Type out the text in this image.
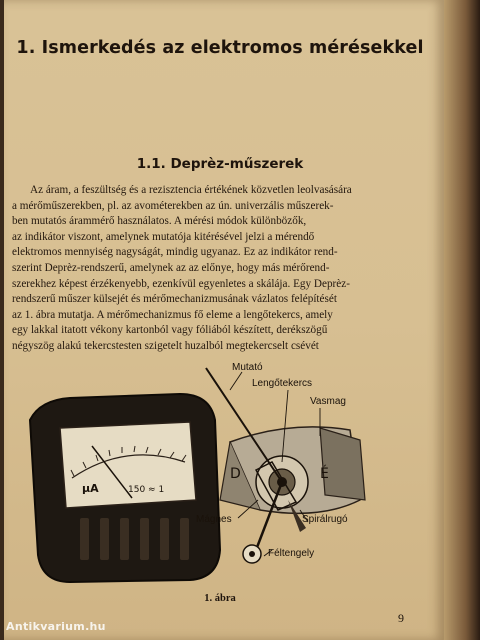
1. Ismerkedés az elektromos mérésekkel
1.1. Deprèz-műszerek
Az áram, a feszültség és a rezisztencia értékének közvetlen leolvasására
a mérőműszerekben, pl. az avométerekben az ún. univerzális műszerek-
ben mutatós árammérő használatos. A mérési módok különbözők,
az indikátor viszont, amelynek mutatója kitérésével jelzi a mérendő
elektromos mennyiség nagyságát, mindig ugyanaz. Ez az indikátor rend-
szerint Deprèz-rendszerű, amelynek az az előnye, hogy más mérőrend-
szerekhez képest érzékenyebb, ezenkívül egyenletes a skálája. Egy Deprèz-
rendszerű műszer külsejét és mérőmechanizmusának vázlatos felépítését
az 1. ábra mutatja. A mérőmechanizmus fő eleme a lengőtekercs, amely
egy lakkal itatott vékony kartonból vagy fóliából készített, derékszögű
négyszög alakú tekercstesten szigetelt huzalból megtekercselt csévét
μA	150 ≈ 1
D	É
Mutató
Lengőtekercs
Vasmag
Mágnes	Spirálrugó
Féltengely
1. ábra
9
Antikvarium.hu
